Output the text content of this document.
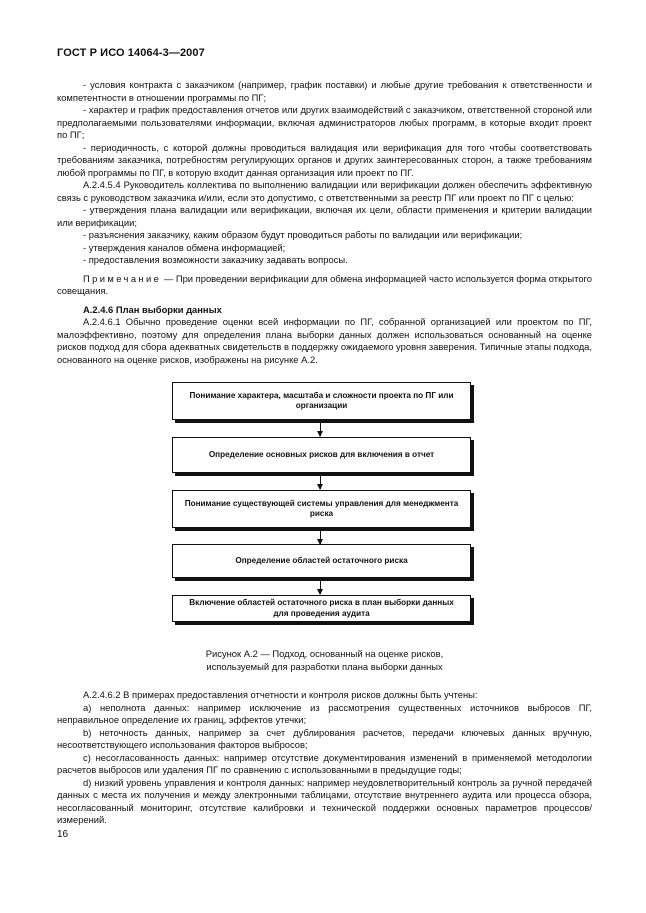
ГОСТ Р ИСО 14064-3—2007

- условия контракта с заказчиком (например, график поставки) и любые другие требования к ответственности и компетентности в отношении программы по ПГ;

- характер и график предоставления отчетов или других взаимодействий с заказчиком, ответственной стороной или предполагаемыми пользователями информации, включая администраторов любых программ, в которые входит проект по ПГ;

- периодичность, с которой должны проводиться валидация или верификация для того чтобы соответствовать требованиям заказчика, потребностям регулирующих органов и других заинтересованных сторон, а также требованиям любой программы по ПГ, в которую входит данная организация или проект по ПГ.

А.2.4.5.4 Руководитель коллектива по выполнению валидации или верификации должен обеспечить эффективную связь с руководством заказчика и/или, если это допустимо, с ответственными за реестр ПГ или проект по ПГ с целью:

- утверждения плана валидации или верификации, включая их цели, области применения и критерии валидации или верификации;

- разъяснения заказчику, каким образом будут проводиться работы по валидации или верификации;

- утверждения каналов обмена информацией;

- предоставления возможности заказчику задавать вопросы.

Примечание — При проведении верификации для обмена информацией часто используется форма открытого совещания.

А.2.4.6 План выборки данных

А.2.4.6.1 Обычно проведение оценки всей информации по ПГ, собранной организацией или проектом по ПГ, малоэффективно, поэтому для определения плана выборки данных должен использоваться основанный на оценке рисков подход для сбора адекватных свидетельств в поддержку ожидаемого уровня заверения. Типичные этапы подхода, основанного на оценке рисков, изображены на рисунке А.2.

Понимание характера, масштаба и сложности проекта по ПГ или организации
Определение основных рисков для включения в отчет
Понимание существующей системы управления для менеджмента риска
Определение областей остаточного риска
Включение областей остаточного риска в план выборки данных для проведения аудита
Рисунок А.2 — Подход, основанный на оценке рисков,
используемый для разработки плана выборки данных

А.2.4.6.2 В примерах предоставления отчетности и контроля рисков должны быть учтены:

а) неполнота данных: например исключение из рассмотрения существенных источников выбросов ПГ, неправильное определение их границ, эффектов утечки;

b) неточность данных, например за счет дублирования расчетов, передачи ключевых данных вручную, несоответствующего использования факторов выбросов;

с) несогласованность данных: например отсутствие документирования изменений в применяемой методологии расчетов выбросов или удаления ПГ по сравнению с использованными в предыдущие годы;

d) низкий уровень управления и контроля данных: например неудовлетворительный контроль за ручной передачей данных с места их получения и между электронными таблицами, отсутствие внутреннего аудита или процесса обзора, несогласованный мониторинг, отсутствие калибровки и технической поддержки основных параметров процессов/измерений.

16
